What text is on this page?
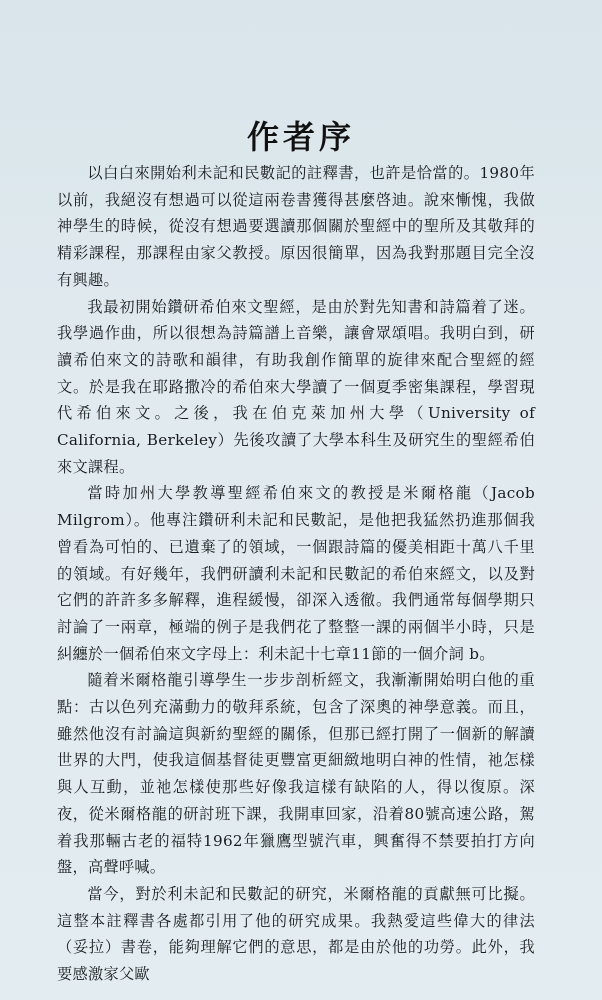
作者序

以白白來開始利未記和民數記的註釋書，也許是恰當的。1980年以前，我絕沒有想過可以從這兩卷書獲得甚麼啓迪。說來慚愧，我做神學生的時候，從沒有想過要選讀那個關於聖經中的聖所及其敬拜的精彩課程，那課程由家父教授。原因很簡單，因為我對那題目完全沒有興趣。

我最初開始鑽研希伯來文聖經，是由於對先知書和詩篇着了迷。我學過作曲，所以很想為詩篇譜上音樂，讓會眾頌唱。我明白到，研讀希伯來文的詩歌和韻律，有助我創作簡單的旋律來配合聖經的經文。於是我在耶路撒冷的希伯來大學讀了一個夏季密集課程，學習現代希伯來文。之後，我在伯克萊加州大學（University of California, Berkeley）先後攻讀了大學本科生及研究生的聖經希伯來文課程。

當時加州大學教導聖經希伯來文的教授是米爾格龍（Jacob Milgrom）。他專注鑽研利未記和民數記，是他把我猛然扔進那個我曾看為可怕的、已遺棄了的領域，一個跟詩篇的優美相距十萬八千里的領域。有好幾年，我們研讀利未記和民數記的希伯來經文，以及對它們的許許多多解釋，進程緩慢，卻深入透徹。我們通常每個學期只討論了一兩章，極端的例子是我們花了整整一課的兩個半小時，只是糾纏於一個希伯來文字母上：利未記十七章11節的一個介詞 b。

隨着米爾格龍引導學生一步步剖析經文，我漸漸開始明白他的重點：古以色列充滿動力的敬拜系統，包含了深奧的神學意義。而且，雖然他沒有討論這與新約聖經的關係，但那已經打開了一個新的解讀世界的大門，使我這個基督徒更豐富更細緻地明白神的性情，祂怎樣與人互動，並祂怎樣使那些好像我這樣有缺陷的人，得以復原。深夜，從米爾格龍的研討班下課，我開車回家，沿着80號高速公路，駕着我那輛古老的福特1962年獵鷹型號汽車，興奮得不禁要拍打方向盤，高聲呼喊。

當今，對於利未記和民數記的研究，米爾格龍的貢獻無可比擬。這整本註釋書各處都引用了他的研究成果。我熱愛這些偉大的律法（妥拉）書卷，能夠理解它們的意思，都是由於他的功勞。此外，我要感激家父歐
